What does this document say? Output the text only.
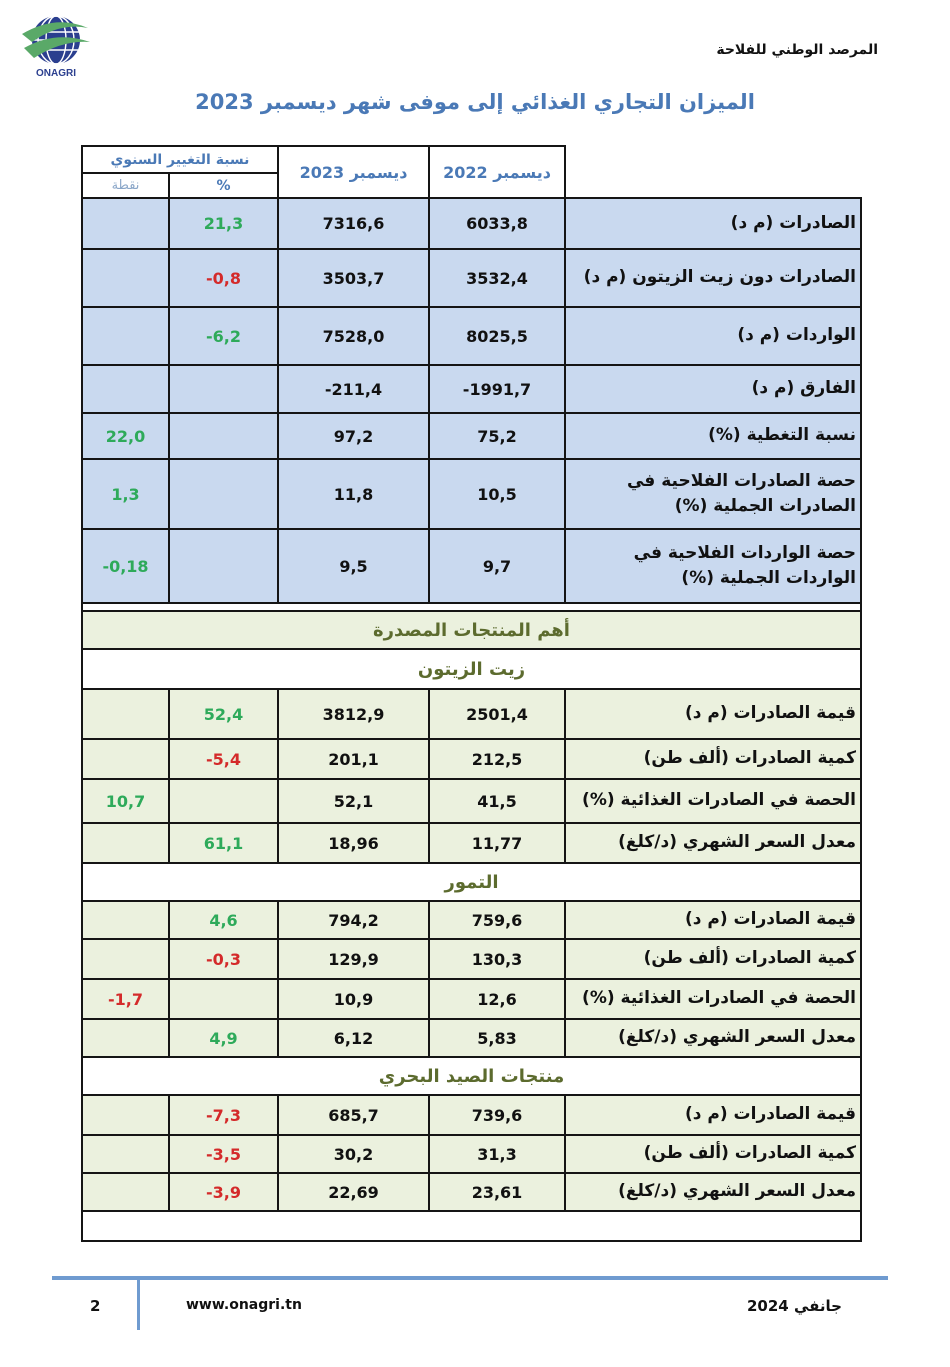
ONAGRI
المرصد الوطني للفلاحة
الميزان التجاري الغذائي إلى موفى شهر ديسمبر 2023
نسبة التغيير السنوي		ديسمبر 2023	ديسمبر 2022	
نقطة	%			
	21,3	7316,6	6033,8	الصادرات (م د)
	-0,8	3503,7	3532,4	الصادرات دون زيت الزيتون (م د)
	-6,2	7528,0	8025,5	الواردات (م د)
		-211,4	-1991,7	الفارق (م د)
22,0		97,2	75,2	نسبة التغطية (%)
1,3		11,8	10,5	حصة الصادرات الفلاحية في الصادرات الجملية (%)
-0,18		9,5	9,7	حصة الواردات الفلاحية في الواردات الجملية (%)

أهم المنتجات المصدرة				
زيت الزيتون				
	52,4	3812,9	2501,4	قيمة الصادرات (م د)
	-5,4	201,1	212,5	كمية الصادرات (ألف طن)
10,7		52,1	41,5	الحصة في الصادرات الغذائية (%)
	61,1	18,96	11,77	معدل السعر الشهري (د/كلغ)
التمور				
	4,6	794,2	759,6	قيمة الصادرات (م د)
	-0,3	129,9	130,3	كمية الصادرات (ألف طن)
-1,7		10,9	12,6	الحصة في الصادرات الغذائية (%)
	4,9	6,12	5,83	معدل السعر الشهري (د/كلغ)
منتجات الصيد البحري				
	-7,3	685,7	739,6	قيمة الصادرات (م د)
	-3,5	30,2	31,3	كمية الصادرات (ألف طن)
	-3,9	22,69	23,61	معدل السعر الشهري (د/كلغ)

2	www.onagri.tn	جانفي 2024
